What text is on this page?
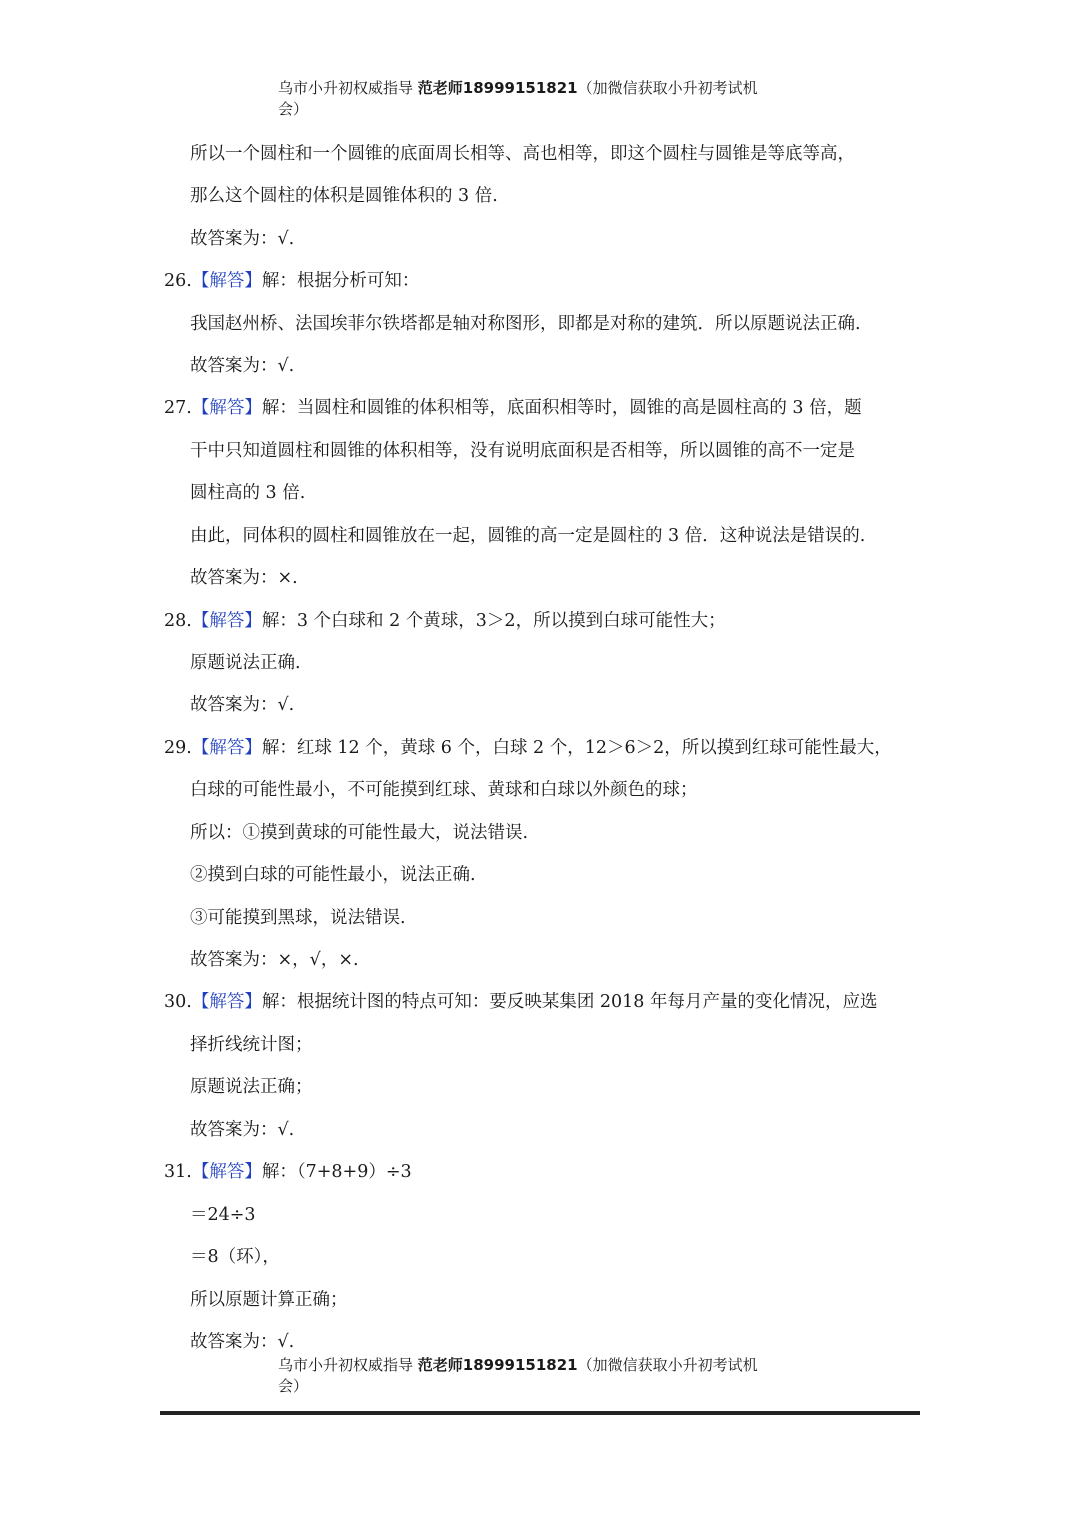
乌市小升初权威指导 范老师18999151821（加微信获取小升初考试机
会）
所以一个圆柱和一个圆锥的底面周长相等、高也相等，即这个圆柱与圆锥是等底等高，
那么这个圆柱的体积是圆锥体积的 3 倍.
故答案为：√.
26.【解答】解：根据分析可知：
我国赵州桥、法国埃菲尔铁塔都是轴对称图形，即都是对称的建筑．所以原题说法正确.
故答案为：√.
27.【解答】解：当圆柱和圆锥的体积相等，底面积相等时，圆锥的高是圆柱高的 3 倍，题
干中只知道圆柱和圆锥的体积相等，没有说明底面积是否相等，所以圆锥的高不一定是
圆柱高的 3 倍.
由此，同体积的圆柱和圆锥放在一起，圆锥的高一定是圆柱的 3 倍．这种说法是错误的.
故答案为：×.
28.【解答】解：3 个白球和 2 个黄球，3＞2，所以摸到白球可能性大；
原题说法正确.
故答案为：√.
29.【解答】解：红球 12 个，黄球 6 个，白球 2 个，12＞6＞2，所以摸到红球可能性最大，
白球的可能性最小，不可能摸到红球、黄球和白球以外颜色的球；
所以：①摸到黄球的可能性最大，说法错误.
②摸到白球的可能性最小，说法正确.
③可能摸到黑球，说法错误.
故答案为：×，√，×.
30.【解答】解：根据统计图的特点可知：要反映某集团 2018 年每月产量的变化情况，应选
择折线统计图；
原题说法正确；
故答案为：√.
31.【解答】解：（7+8+9）÷3
＝24÷3
＝8（环），
所以原题计算正确；
故答案为：√.
乌市小升初权威指导 范老师18999151821（加微信获取小升初考试机
会）
